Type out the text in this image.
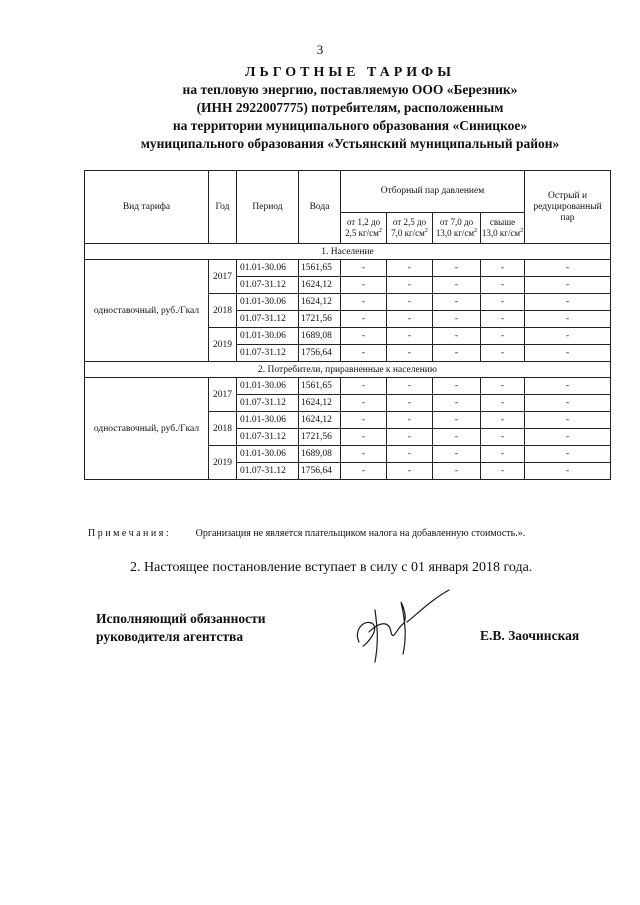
3
ЛЬГОТНЫЕ ТАРИФЫ
на тепловую энергию, поставляемую ООО «Березник»
(ИНН 2922007775) потребителям, расположенным
на территории муниципального образования «Синицкое»
муниципального образования «Устьянский муниципальный район»
Вид тарифа	Год	Период	Вода	Отборный пар давлением				Острый и редуцированный пар
				от 1,2 до 2,5 $кг/см^2$	от 2,5 до 7,0 $кг/см^2$	от 7,0 до 13,0 $кг/см^2$	свыше 13,0 $кг/см^2$
1. Население								
одноставочный, руб./Гкал	2017	01.01-30.06	1561,65	-	-	-	-	-
		01.07-31.12	1624,12	-	-	-	-	-
	2018	01.01-30.06	1624,12	-	-	-	-	-
		01.07-31.12	1721,56	-	-	-	-	-
	2019	01.01-30.06	1689,08	-	-	-	-	-
		01.07-31.12	1756,64	-	-	-	-	-
2. Потребители, приравненные к населению								
одноставочный, руб./Гкал	2017	01.01-30.06	1561,65	-	-	-	-	-
		01.07-31.12	1624,12	-	-	-	-	-
	2018	01.01-30.06	1624,12	-	-	-	-	-
		01.07-31.12	1721,56	-	-	-	-	-
	2019	01.01-30.06	1689,08	-	-	-	-	-
		01.07-31.12	1756,64	-	-	-	-	-
Примечания: Организация не является плательщиком налога на добавленную стоимость.».
2. Настоящее постановление вступает в силу с 01 января 2018 года.
Исполняющий обязанности
руководителя агентства	Е.В. Заочинская
